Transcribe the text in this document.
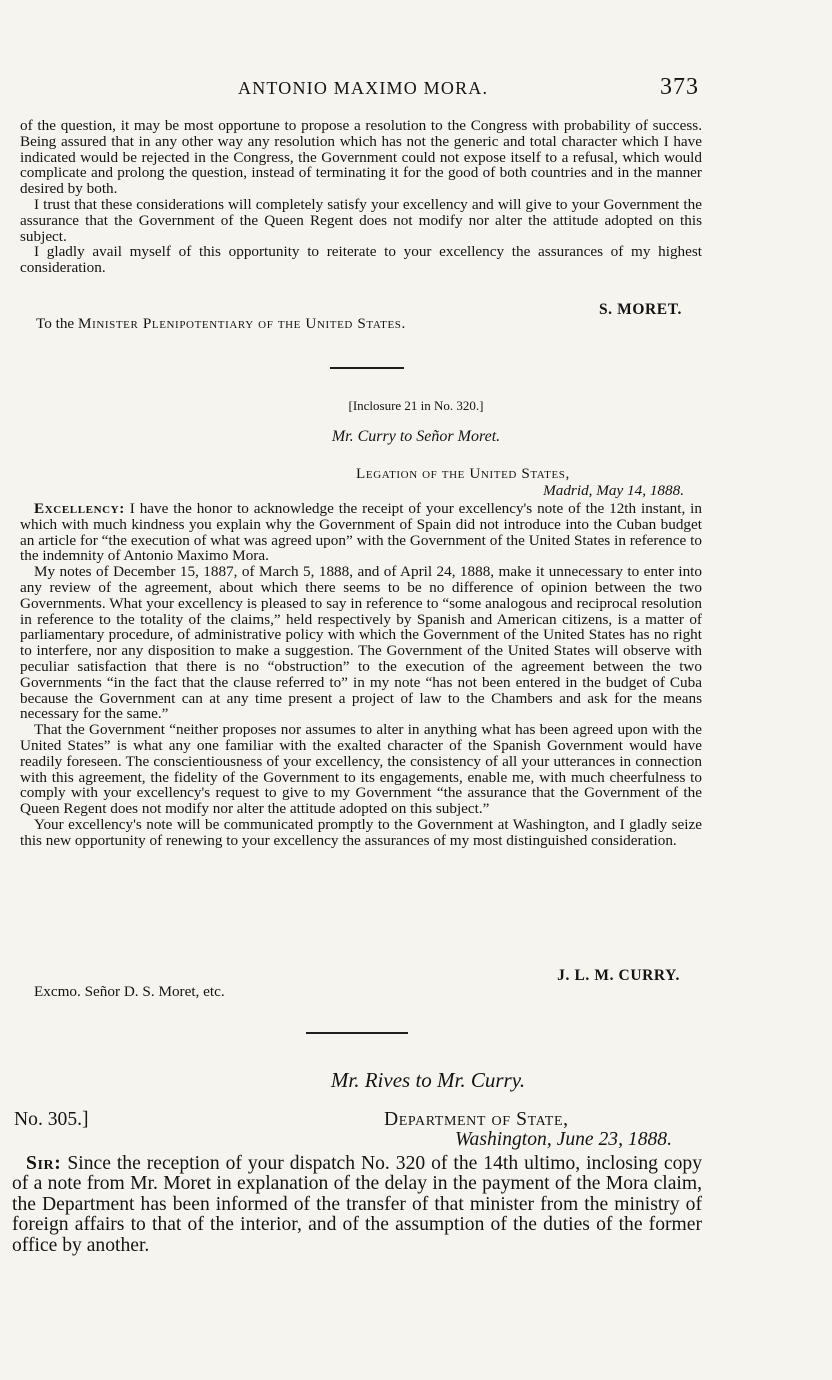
ANTONIO MAXIMO MORA.	373

of the question, it may be most opportune to propose a resolution to the Congress with probability of success. Being assured that in any other way any resolution which has not the generic and total character which I have indicated would be rejected in the Congress, the Government could not expose itself to a refusal, which would complicate and prolong the question, instead of terminating it for the good of both countries and in the manner desired by both.

I trust that these considerations will completely satisfy your excellency and will give to your Government the assurance that the Government of the Queen Regent does not modify nor alter the attitude adopted on this subject.

I gladly avail myself of this opportunity to reiterate to your excellency the assurances of my highest consideration.

S. MORET.
To the Minister Plenipotentiary of the United States.
[Inclosure 21 in No. 320.]
Mr. Curry to Señor Moret.
Legation of the United States,
Madrid, May 14, 1888.

Excellency: I have the honor to acknowledge the receipt of your excellency's note of the 12th instant, in which with much kindness you explain why the Government of Spain did not introduce into the Cuban budget an article for “the execution of what was agreed upon” with the Government of the United States in reference to the indemnity of Antonio Maximo Mora.

My notes of December 15, 1887, of March 5, 1888, and of April 24, 1888, make it unnecessary to enter into any review of the agreement, about which there seems to be no difference of opinion between the two Governments. What your excellency is pleased to say in reference to “some analogous and reciprocal resolution in reference to the totality of the claims,” held respectively by Spanish and American citizens, is a matter of parliamentary procedure, of administrative policy with which the Government of the United States has no right to interfere, nor any disposition to make a suggestion. The Government of the United States will observe with peculiar satisfaction that there is no “obstruction” to the execution of the agreement between the two Governments “in the fact that the clause referred to” in my note “has not been entered in the budget of Cuba because the Government can at any time present a project of law to the Chambers and ask for the means necessary for the same.”

That the Government “neither proposes nor assumes to alter in anything what has been agreed upon with the United States” is what any one familiar with the exalted character of the Spanish Government would have readily foreseen. The conscientiousness of your excellency, the consistency of all your utterances in connection with this agreement, the fidelity of the Government to its engagements, enable me, with much cheerfulness to comply with your excellency's request to give to my Government “the assurance that the Government of the Queen Regent does not modify nor alter the attitude adopted on this subject.”

Your excellency's note will be communicated promptly to the Government at Washington, and I gladly seize this new opportunity of renewing to your excellency the assurances of my most distinguished consideration.

J. L. M. CURRY.
Excmo. Señor D. S. Moret, etc.
Mr. Rives to Mr. Curry.
No. 305.]	Department of State,
Washington, June 23, 1888.

Sir: Since the reception of your dispatch No. 320 of the 14th ultimo, inclosing copy of a note from Mr. Moret in explanation of the delay in the payment of the Mora claim, the Department has been informed of the transfer of that minister from the ministry of foreign affairs to that of the interior, and of the assumption of the duties of the former office by another.
